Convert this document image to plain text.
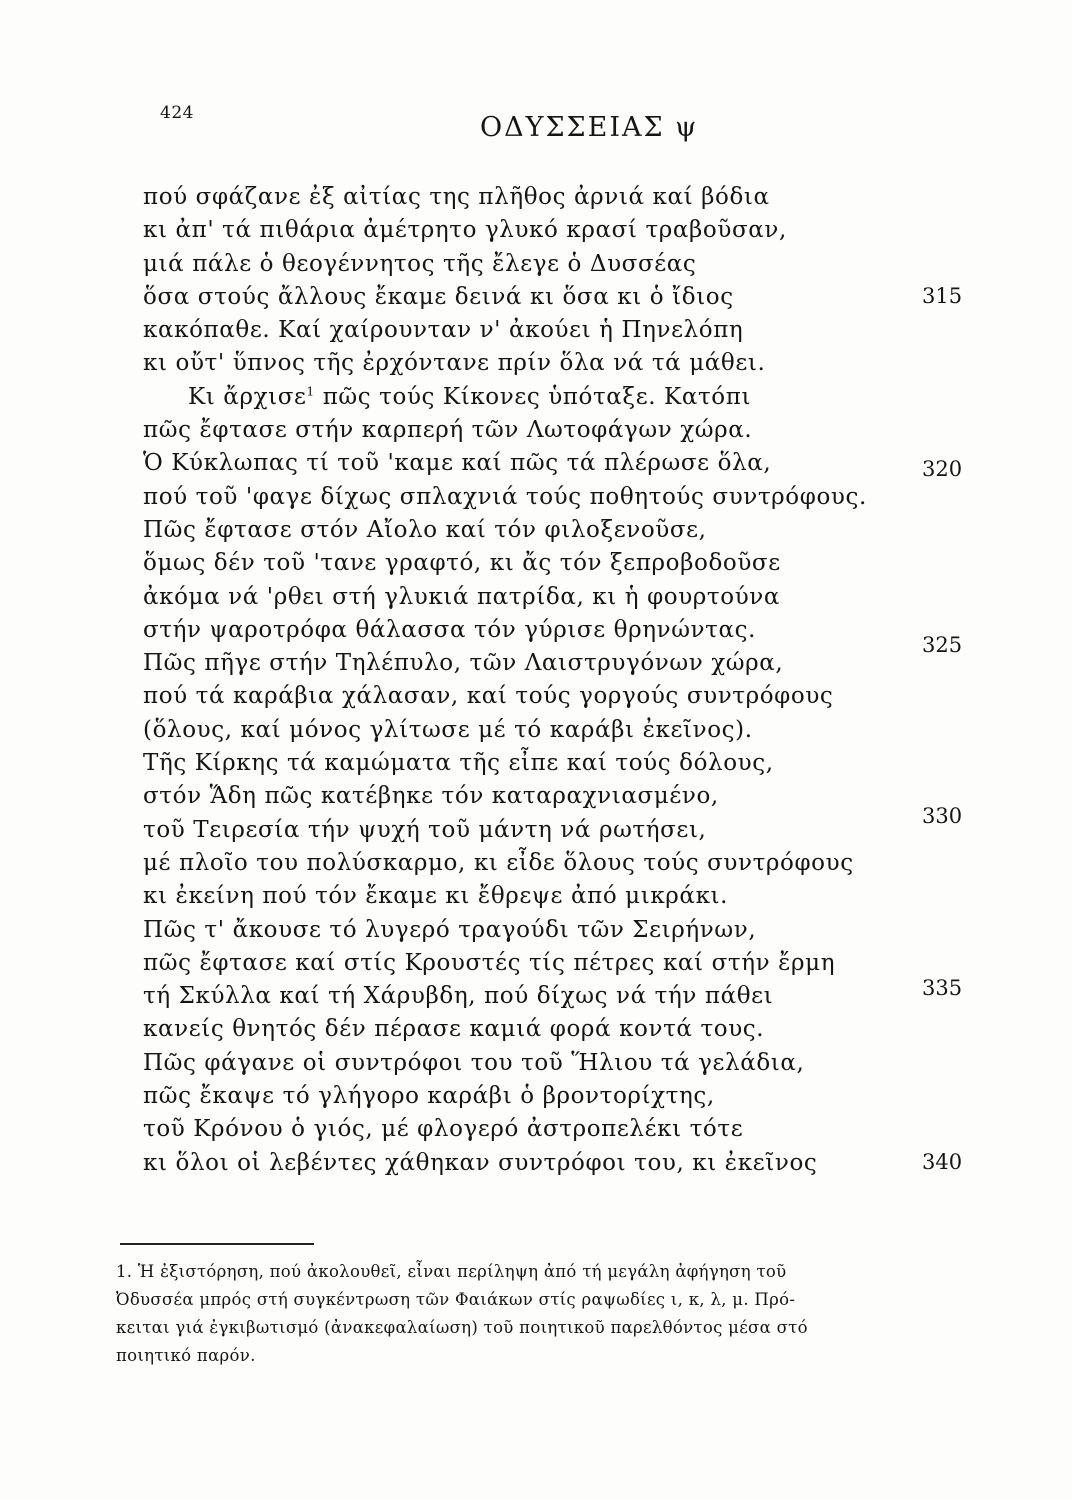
424	ΟΔΥΣΣΕΙΑΣ ψ
πού σφάζανε ἐξ αἰτίας της πλῆθος ἀρνιά καί βόδια
κι ἀπ' τά πιθάρια ἀμέτρητο γλυκό κρασί τραβοῦσαν,
μιά πάλε ὁ θεογέννητος τῆς ἔλεγε ὁ Δυσσέας
ὅσα στούς ἄλλους ἔκαμε δεινά κι ὅσα κι ὁ ἴδιος
κακόπαθε. Καί χαίρουνταν ν' ἀκούει ἡ Πηνελόπη
κι οὔτ' ὕπνος τῆς ἐρχόντανε πρίν ὅλα νά τά μάθει.
Κι ἄρχισε$^1$ πῶς τούς Κίκονες ὑπόταξε. Κατόπι
πῶς ἔφτασε στήν καρπερή τῶν Λωτοφάγων χώρα.
Ὁ Κύκλωπας τί τοῦ 'καμε καί πῶς τά πλέρωσε ὅλα,
πού τοῦ 'φαγε δίχως σπλαχνιά τούς ποθητούς συντρόφους.
Πῶς ἔφτασε στόν Αἴολο καί τόν φιλοξενοῦσε,
ὅμως δέν τοῦ 'τανε γραφτό, κι ἄς τόν ξεπροβοδοῦσε
ἀκόμα νά 'ρθει στή γλυκιά πατρίδα, κι ἡ φουρτούνα
στήν ψαροτρόφα θάλασσα τόν γύρισε θρηνώντας.
Πῶς πῆγε στήν Τηλέπυλο, τῶν Λαιστρυγόνων χώρα,
πού τά καράβια χάλασαν, καί τούς γοργούς συντρόφους
(ὅλους, καί μόνος γλίτωσε μέ τό καράβι ἐκεῖνος).
Τῆς Κίρκης τά καμώματα τῆς εἶπε καί τούς δόλους,
στόν Ἅδη πῶς κατέβηκε τόν καταραχνιασμένο,
τοῦ Τειρεσία τήν ψυχή τοῦ μάντη νά ρωτήσει,
μέ πλοῖο του πολύσκαρμο, κι εἶδε ὅλους τούς συντρόφους
κι ἐκείνη πού τόν ἔκαμε κι ἔθρεψε ἀπό μικράκι.
Πῶς τ' ἄκουσε τό λυγερό τραγούδι τῶν Σειρήνων,
πῶς ἔφτασε καί στίς Κρουστές τίς πέτρες καί στήν ἔρμη
τή Σκύλλα καί τή Χάρυβδη, πού δίχως νά τήν πάθει
κανείς θνητός δέν πέρασε καμιά φορά κοντά τους.
Πῶς φάγανε οἱ συντρόφοι του τοῦ Ἥλιου τά γελάδια,
πῶς ἔκαψε τό γλήγορο καράβι ὁ βροντορίχτης,
τοῦ Κρόνου ὁ γιός, μέ φλογερό ἀστροπελέκι τότε
κι ὅλοι οἱ λεβέντες χάθηκαν συντρόφοι του, κι ἐκεῖνος
315
320
325
330
335
340
1. Ἡ ἐξιστόρηση, πού ἀκολουθεῖ, εἶναι περίληψη ἀπό τή μεγάλη ἀφήγηση τοῦ
Ὀδυσσέα μπρός στή συγκέντρωση τῶν Φαιάκων στίς ραψωδίες ι, κ, λ, μ. Πρό-
κειται γιά ἐγκιβωτισμό (ἀνακεφαλαίωση) τοῦ ποιητικοῦ παρελθόντος μέσα στό
ποιητικό παρόν.
